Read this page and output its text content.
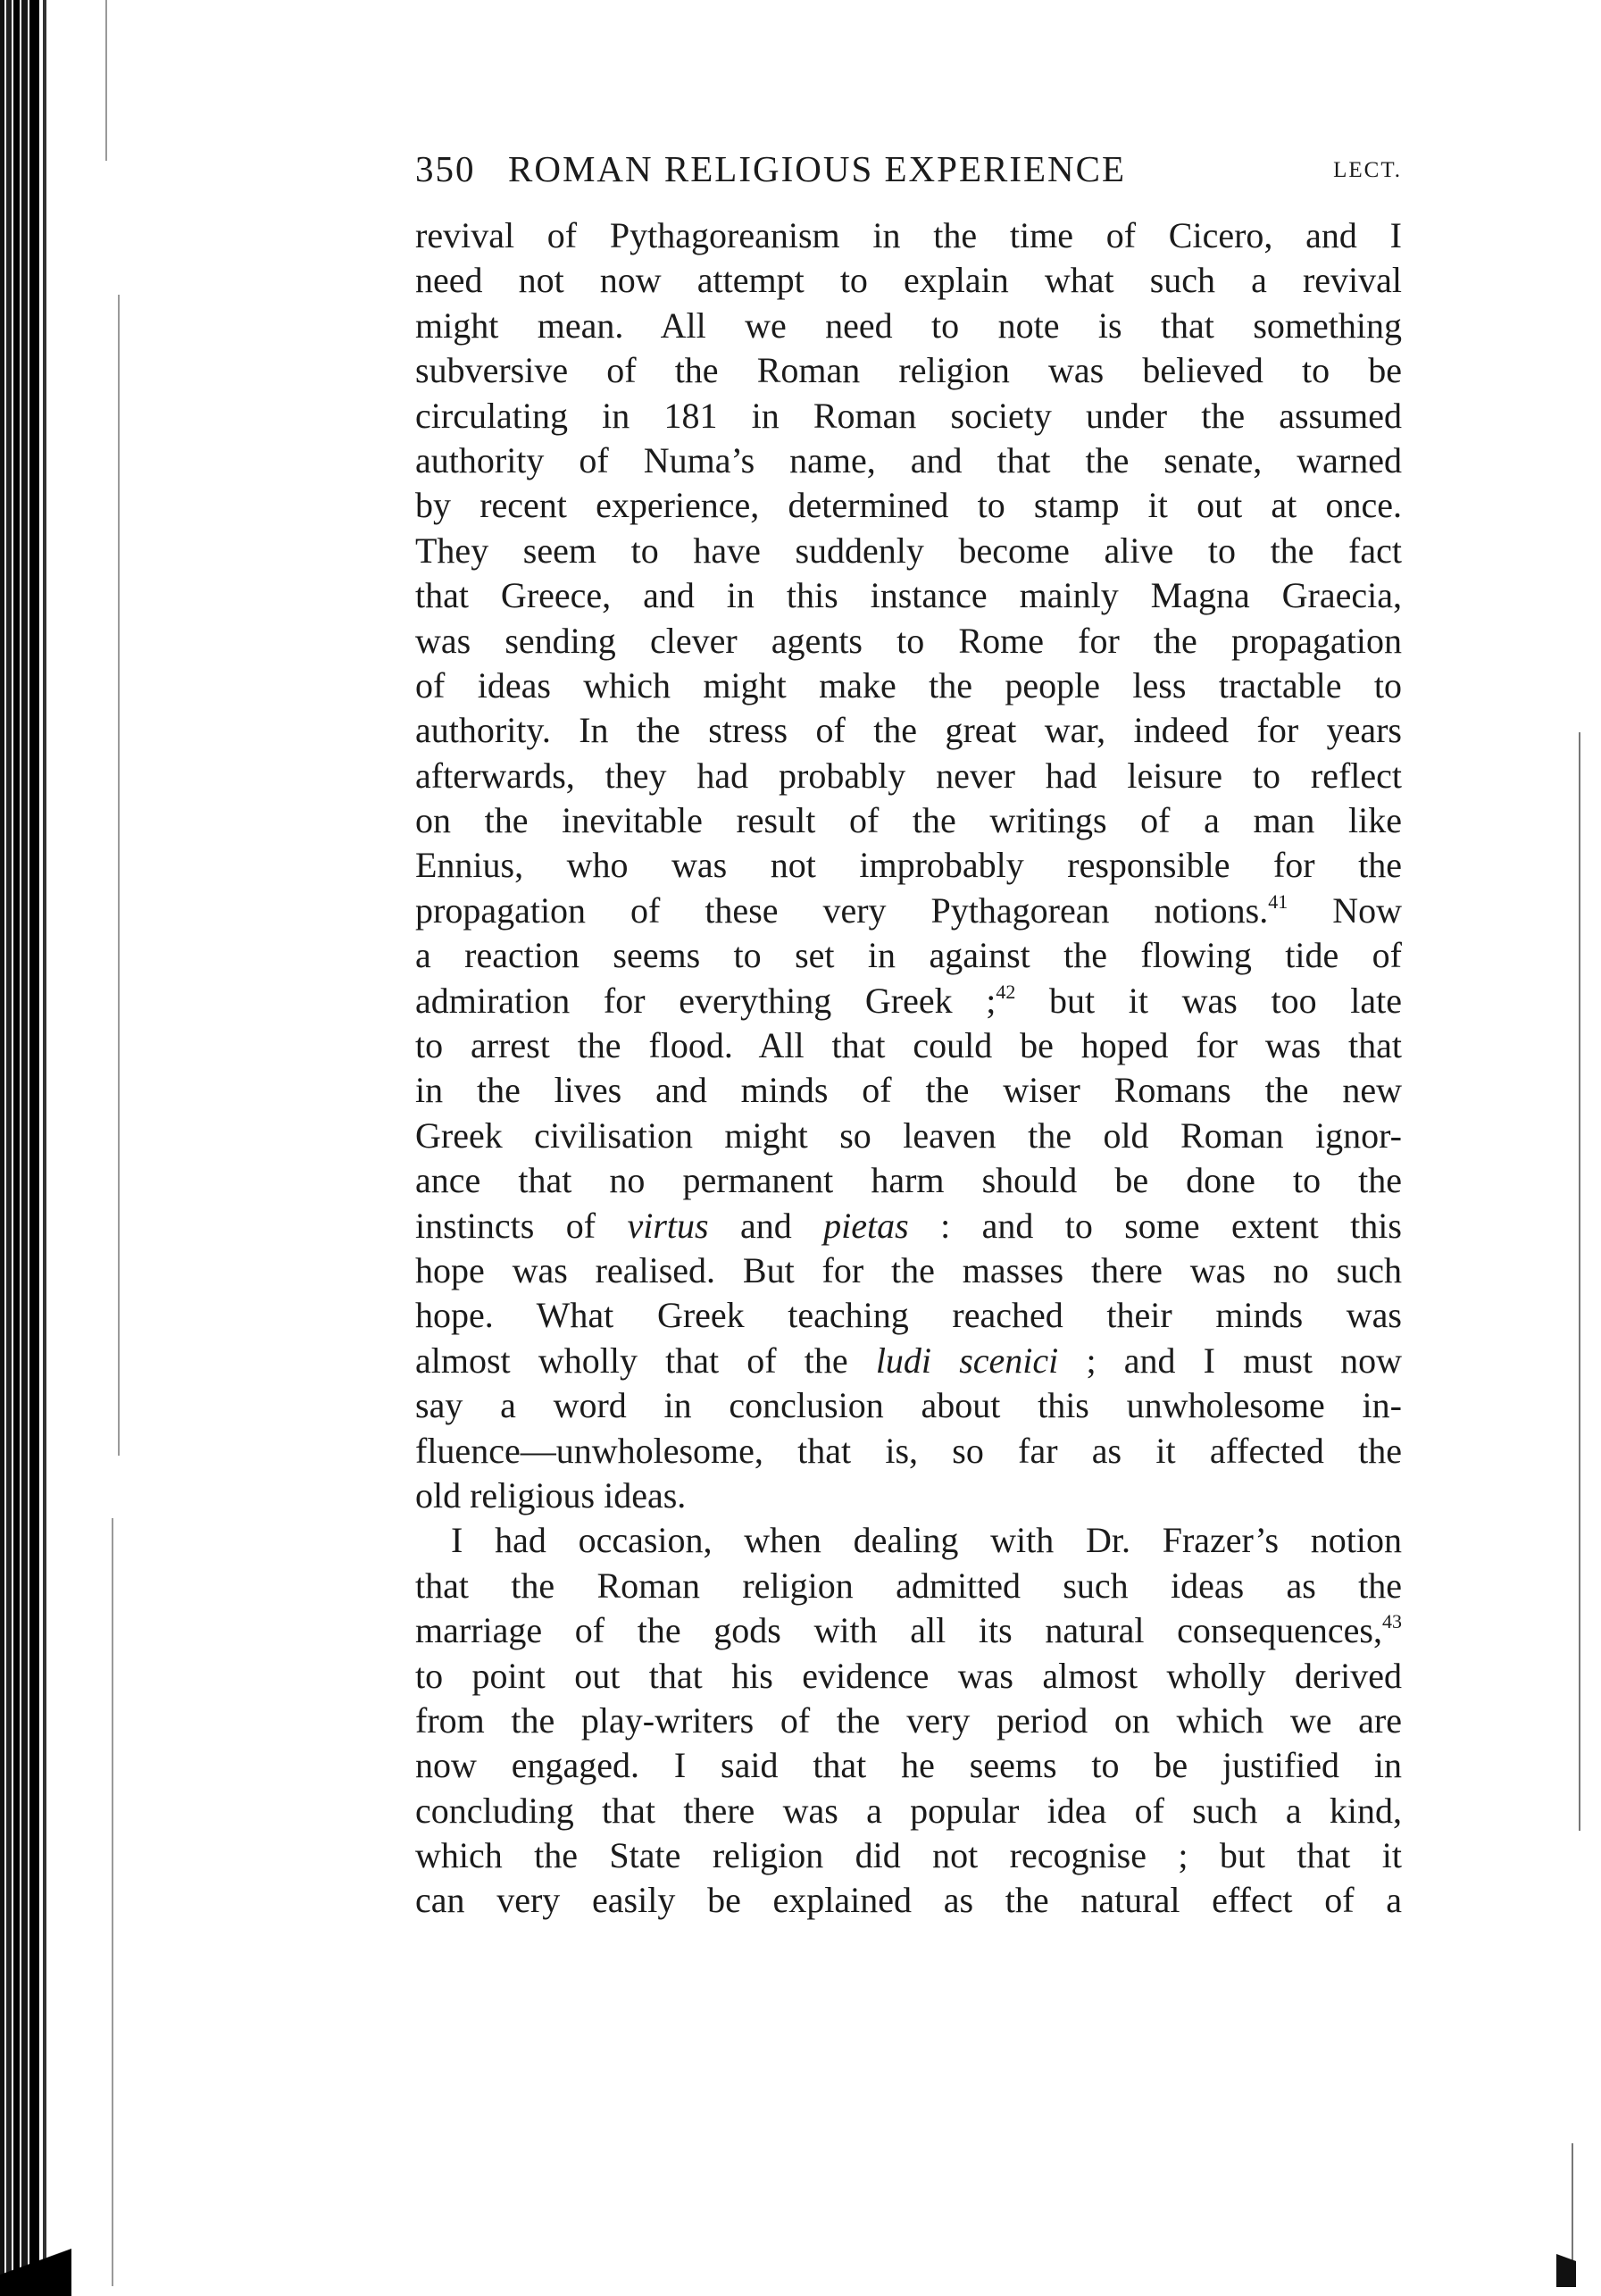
350 ROMAN RELIGIOUS EXPERIENCE	LECT.
revival of Pythagoreanism in the time of Cicero, and I
need not now attempt to explain what such a revival
might mean. All we need to note is that something
subversive of the Roman religion was believed to be
circulating in 181 in Roman society under the assumed
authority of Numa’s name, and that the senate, warned
by recent experience, determined to stamp it out at once.
They seem to have suddenly become alive to the fact
that Greece, and in this instance mainly Magna Graecia,
was sending clever agents to Rome for the propagation
of ideas which might make the people less tractable to
authority. In the stress of the great war, indeed for years
afterwards, they had probably never had leisure to reflect
on the inevitable result of the writings of a man like
Ennius, who was not improbably responsible for the
propagation of these very Pythagorean notions.$^{41}$ Now
a reaction seems to set in against the flowing tide of
admiration for everything Greek ;$^{42}$ but it was too late
to arrest the flood. All that could be hoped for was that
in the lives and minds of the wiser Romans the new
Greek civilisation might so leaven the old Roman ignor-
ance that no permanent harm should be done to the
instincts of virtus and pietas : and to some extent this
hope was realised. But for the masses there was no such
hope. What Greek teaching reached their minds was
almost wholly that of the ludi scenici ; and I must now
say a word in conclusion about this unwholesome in-
fluence—unwholesome, that is, so far as it affected the
old religious ideas.
I had occasion, when dealing with Dr. Frazer’s notion
that the Roman religion admitted such ideas as the
marriage of the gods with all its natural consequences,$^{43}$
to point out that his evidence was almost wholly derived
from the play-writers of the very period on which we are
now engaged. I said that he seems to be justified in
concluding that there was a popular idea of such a kind,
which the State religion did not recognise ; but that it
can very easily be explained as the natural effect of a
